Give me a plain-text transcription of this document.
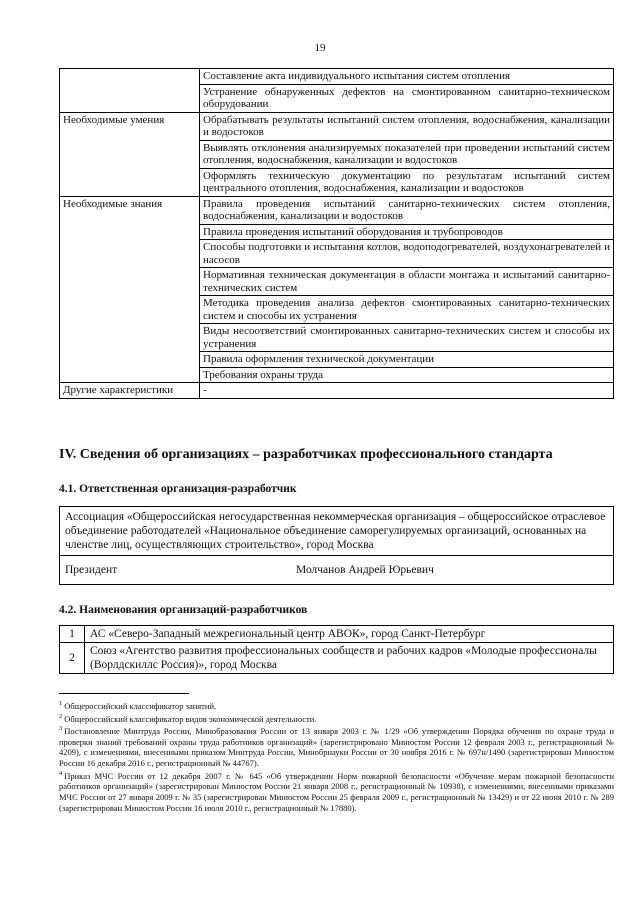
19
	Составление акта индивидуального испытания систем отопления
	Устранение обнаруженных дефектов на смонтированном санитарно-техническом оборудовании
Необходимые умения	Обрабатывать результаты испытаний систем отопления, водоснабжения, канализации и водостоков
	Выявлять отклонения анализируемых показателей при проведении испытаний систем отопления, водоснабжения, канализации и водостоков
	Оформлять техническую документацию по результатам испытаний систем центрального отопления, водоснабжения, канализации и водостоков
Необходимые знания	Правила проведения испытаний санитарно-технических систем отопления, водоснабжения, канализации и водостоков
	Правила проведения испытаний оборудования и трубопроводов
	Способы подготовки и испытания котлов, водоподогревателей, воздухонагревателей и насосов
	Нормативная техническая документация в области монтажа и испытаний санитарно-технических систем
	Методика проведения анализа дефектов смонтированных санитарно-технических систем и способы их устранения
	Виды несоответствий смонтированных санитарно-технических систем и способы их устранения
	Правила оформления технической документации
	Требования охраны труда
Другие характеристики	-
IV. Сведения об организациях – разработчиках профессионального стандарта
4.1. Ответственная организация-разработчик
Ассоциация «Общероссийская негосударственная некоммерческая организация – общероссийское отраслевое объединение работодателей «Национальное объединение саморегулируемых организаций, основанных на членстве лиц, осуществляющих строительство», город Москва
Президент	Молчанов Андрей Юрьевич
4.2. Наименования организаций-разработчиков
1	АС «Северо-Западный межрегиональный центр АВОК», город Санкт-Петербург
2	Союз «Агентство развития профессиональных сообществ и рабочих кадров «Молодые профессионалы (Ворлдскиллс Россия)», город Москва
$^1$ Общероссийский классификатор занятий.
$^2$ Общероссийский классификатор видов экономической деятельности.
$^3$ Постановление Минтруда России, Минобразования России от 13 января 2003 г. № 1/29 «Об утверждении Порядка обучения по охране труда и проверки знаний требований охраны труда работников организаций» (зарегистрировано Минюстом России 12 февраля 2003 г., регистрационный № 4209), с изменениями, внесенными приказом Минтруда России, Минобрнауки России от 30 ноября 2016 г. № 697н/1490 (зарегистрирован Минюстом России 16 декабря 2016 г., регистрационный № 44767).
$^4$ Приказ МЧС России от 12 декабря 2007 г. № 645 «Об утверждении Норм пожарной безопасности «Обучение мерам пожарной безопасности работников организаций» (зарегистрирован Минюстом России 21 января 2008 г., регистрационный № 10938), с изменениями, внесенными приказами МЧС России от 27 января 2009 г. № 35 (зарегистрирован Минюстом России 25 февраля 2009 г., регистрационный № 13429) и от 22 июня 2010 г. № 289 (зарегистрирован Минюстом России 16 июля 2010 г., регистрационный № 17880).
